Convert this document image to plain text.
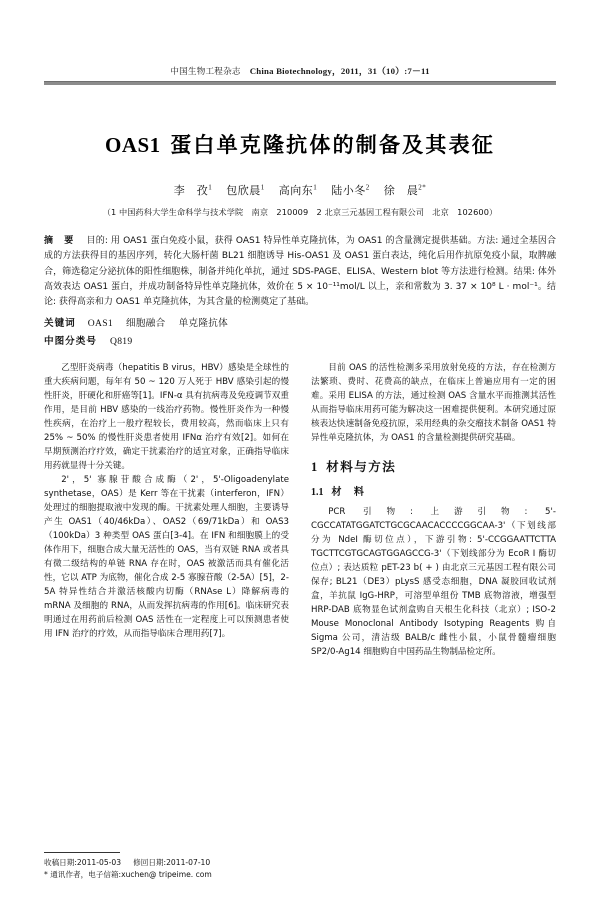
中国生物工程杂志 China Biotechnology，2011，31（10）:7－11
OAS1 蛋白单克隆抗体的制备及其表征
李　孜$^1$ 包欣晨$^1$ 高向东$^1$ 陆小冬$^2$ 徐　晨$^{2*}$
（1 中国药科大学生命科学与技术学院　南京　210009　2 北京三元基因工程有限公司　北京　102600）

摘　要 目的: 用 OAS1 蛋白免疫小鼠，获得 OAS1 特异性单克隆抗体，为 OAS1 的含量测定提供基础。方法: 通过全基因合成的方法获得目的基因序列，转化大肠杆菌 BL21 细胞诱导 His-OAS1 及 OAS1 蛋白表达，纯化后用作抗原免疫小鼠，取脾融合，筛选稳定分泌抗体的阳性细胞株，制备并纯化单抗，通过 SDS-PAGE、ELISA、Western blot 等方法进行检测。结果: 体外高效表达 OAS1 蛋白，并成功制备特异性单克隆抗体，效价在 5 × 10⁻¹¹mol/L 以上，亲和常数为 3. 37 × 10⁸ L · mol⁻¹。结论: 获得高亲和力 OAS1 单克隆抗体，为其含量的检测奠定了基础。

关键词 OAS1 细胞融合 单克隆抗体
中图分类号 Q819

乙型肝炎病毒（hepatitis B virus，HBV）感染是全球性的重大疾病问题，每年有 50 ~ 120 万人死于 HBV 感染引起的慢性肝炎，肝硬化和肝癌等[1]。IFN-α 具有抗病毒及免疫调节双重作用，是目前 HBV 感染的一线治疗药物。慢性肝炎作为一种慢性疾病，在治疗上一般疗程较长，费用较高，然而临床上只有 25% ~ 50% 的慢性肝炎患者使用 IFNα 治疗有效[2]。如何在早期预测治疗疗效，确定干扰素治疗的适宜对象，正确指导临床用药就显得十分关键。

2'，5' 寡腺苷酸合成酶（2'，5'-Oligoadenylate synthetase，OAS）是 Kerr 等在干扰素（interferon，IFN）处理过的细胞提取液中发现的酶。干扰素处理人细胞，主要诱导产生 OAS1（40/46kDa）、OAS2（69/71kDa）和 OAS3（100kDa）3 种类型 OAS 蛋白[3-4]。在 IFN 和细胞膜上的受体作用下，细胞合成大量无活性的 OAS，当有双链 RNA 或者具有微二级结构的单链 RNA 存在时，OAS 被激活而具有催化活性，它以 ATP 为底物，催化合成 2-5 寡腺苷酸（2-5A）[5]，2-5A 特异性结合并激活核酸内切酶（RNAse L）降解病毒的 mRNA 及细胞的 RNA，从而发挥抗病毒的作用[6]。临床研究表明通过在用药前后检测 OAS 活性在一定程度上可以预测患者使用 IFN 治疗的疗效，从而指导临床合理用药[7]。

目前 OAS 的活性检测多采用放射免疫的方法，存在检测方法繁琐、费时、花费高的缺点，在临床上普遍应用有一定的困难。采用 ELISA 的方法，通过检测 OAS 含量水平而推测其活性从而指导临床用药可能为解决这一困难提供便利。本研究通过原核表达快速制备免疫抗原，采用经典的杂交瘤技术制备 OAS1 特异性单克隆抗体，为 OAS1 的含量检测提供研究基础。

1 材料与方法
1.1 材　料

PCR 引物: 上游引物: 5'-CGCCATATGGATCTGCGCAACACCCCGGCAA-3'（下划线部分为 NdeI 酶切位点），下游引物: 5'-CCGGAATTCTTA TGCTTCGTGCAGTGGAGCCG-3'（下划线部分为 EcoR I 酶切位点）; 表达质粒 pET-23 b( + ) 由北京三元基因工程有限公司保存; BL21（DE3）pLysS 感受态细胞，DNA 凝胶回收试剂盒，羊抗鼠 IgG-HRP，可溶型单组份 TMB 底物溶液，增强型 HRP-DAB 底物显色试剂盒购自天根生化科技（北京）; ISO-2 Mouse Monoclonal Antibody Isotyping Reagents 购自 Sigma 公司，清洁级 BALB/c 雌性小鼠，小鼠骨髓瘤细胞 SP2/0-Ag14 细胞购自中国药品生物制品检定所。

收稿日期:2011-05-03 修回日期:2011-07-10

* 通讯作者，电子信箱:xuchen@ tripeime. com
